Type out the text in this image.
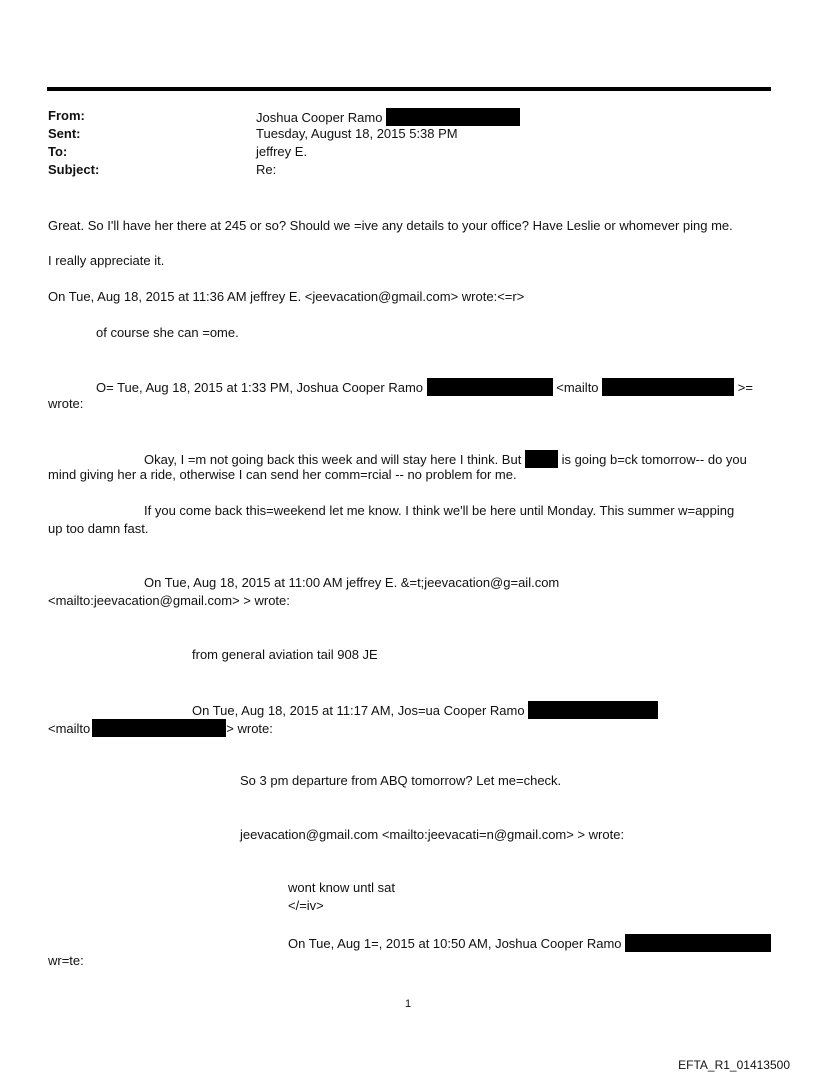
From:	Joshua Cooper Ramo
Sent:	Tuesday, August 18, 2015 5:38 PM
To:	jeffrey E.
Subject:	Re:
Great. So I'll have her there at 245 or so? Should we =ive any details to your office? Have Leslie or whomever ping me.
I really appreciate it.
On Tue, Aug 18, 2015 at 11:36 AM jeffrey E. <jeevacation@gmail.com> wrote:<=r>
of course she can =ome.
O= Tue, Aug 18, 2015 at 1:33 PM, Joshua Cooper Ramo	<mailto	>=
wrote:
Okay, I =m not going back this week and will stay here I think. But	is going b=ck tomorrow-- do you
mind giving her a ride, otherwise I can send her comm=rcial -- no problem for me.
If you come back this=weekend let me know. I think we'll be here until Monday. This summer w=apping
up too damn fast.
On Tue, Aug 18, 2015 at 11:00 AM jeffrey E. &=t;jeevacation@g=ail.com
<mailto:jeevacation@gmail.com> > wrote:
from general aviation tail 908 JE
On Tue, Aug 18, 2015 at 11:17 AM, Jos=ua Cooper Ramo
<mailto	> wrote:
So 3 pm departure from ABQ tomorrow? Let me=check.
jeevacation@gmail.com <mailto:jeevacati=n@gmail.com> > wrote:
wont know untl sat
</=iv>
On Tue, Aug 1=, 2015 at 10:50 AM, Joshua Cooper Ramo
wr=te:
1
EFTA_R1_01413500
